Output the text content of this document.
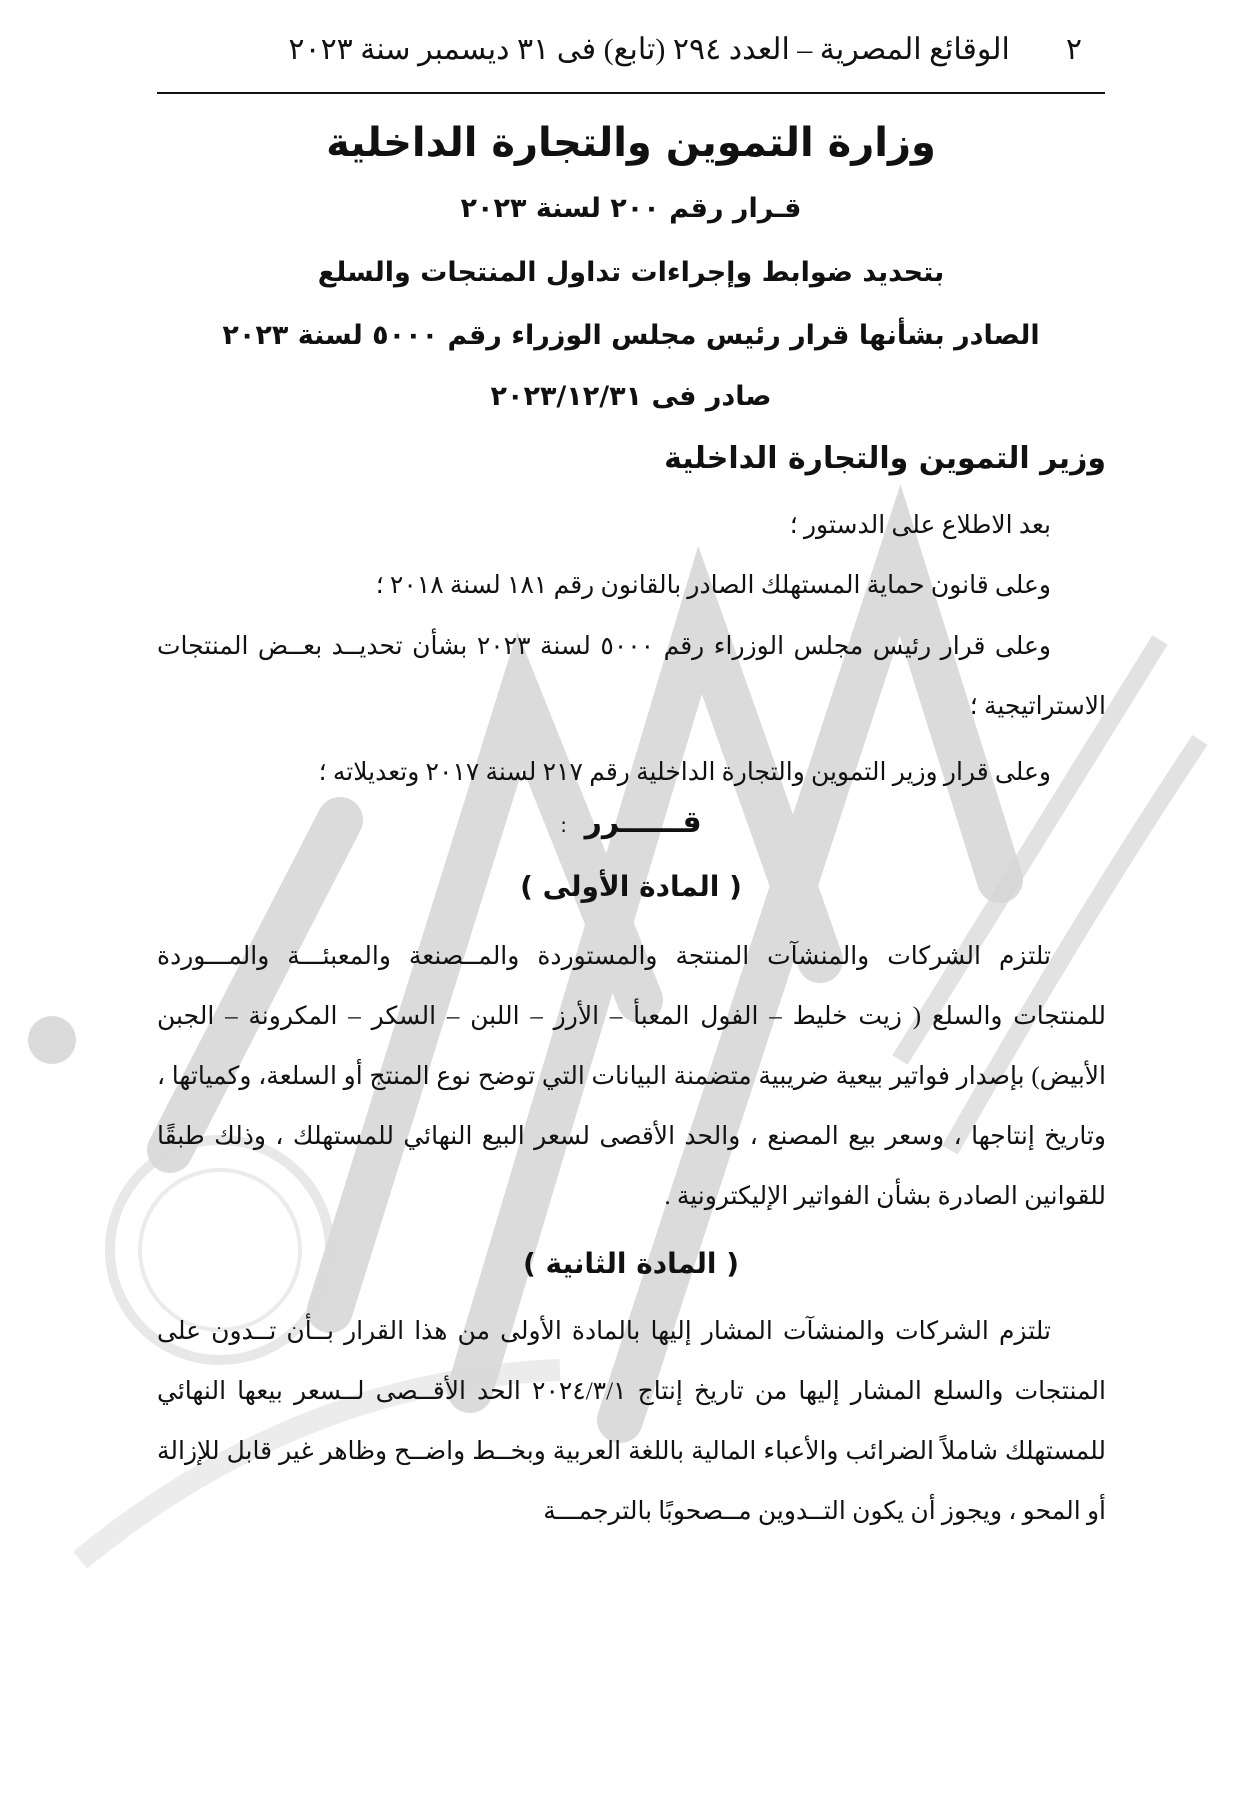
٢
الوقائع المصرية – العدد ٢٩٤ (تابع) فى ٣١ ديسمبر سنة ٢٠٢٣
وزارة التموين والتجارة الداخلية
قـرار رقم ٢٠٠ لسنة ٢٠٢٣
بتحديد ضوابط وإجراءات تداول المنتجات والسلع
الصادر بشأنها قرار رئيس مجلس الوزراء رقم ٥٠٠٠ لسنة ٢٠٢٣
صادر فى ٢٠٢٣/١٢/٣١
وزير التموين والتجارة الداخلية
بعد الاطلاع على الدستور ؛
وعلى قانون حماية المستهلك الصادر بالقانون رقم ١٨١ لسنة ٢٠١٨ ؛
وعلى قرار رئيس مجلس الوزراء رقم ٥٠٠٠ لسنة ٢٠٢٣ بشأن تحديــد بعــض المنتجات الاستراتيجية ؛
وعلى قرار وزير التموين والتجارة الداخلية رقم ٢١٧ لسنة ٢٠١٧ وتعديلاته ؛
قــــــرر :
( المادة الأولى )
تلتزم الشركات والمنشآت المنتجة والمستوردة والمــصنعة والمعبئـــة والمـــوردة للمنتجات والسلع ( زيت خليط – الفول المعبأ – الأرز – اللبن – السكر – المكرونة – الجبن الأبيض) بإصدار فواتير بيعية ضريبية متضمنة البيانات التي توضح نوع المنتج أو السلعة، وكمياتها ، وتاريخ إنتاجها ، وسعر بيع المصنع ، والحد الأقصى لسعر البيع النهائي للمستهلك ، وذلك طبقًا للقوانين الصادرة بشأن الفواتير الإليكترونية .
( المادة الثانية )
تلتزم الشركات والمنشآت المشار إليها بالمادة الأولى من هذا القرار بــأن تــدون على المنتجات والسلع المشار إليها من تاريخ إنتاج ٢٠٢٤/٣/١ الحد الأقــصى لــسعر بيعها النهائي للمستهلك شاملاً الضرائب والأعباء المالية باللغة العربية وبخــط واضــح وظاهر غير قابل للإزالة أو المحو ، ويجوز أن يكون التــدوين مــصحوبًا بالترجمـــة
